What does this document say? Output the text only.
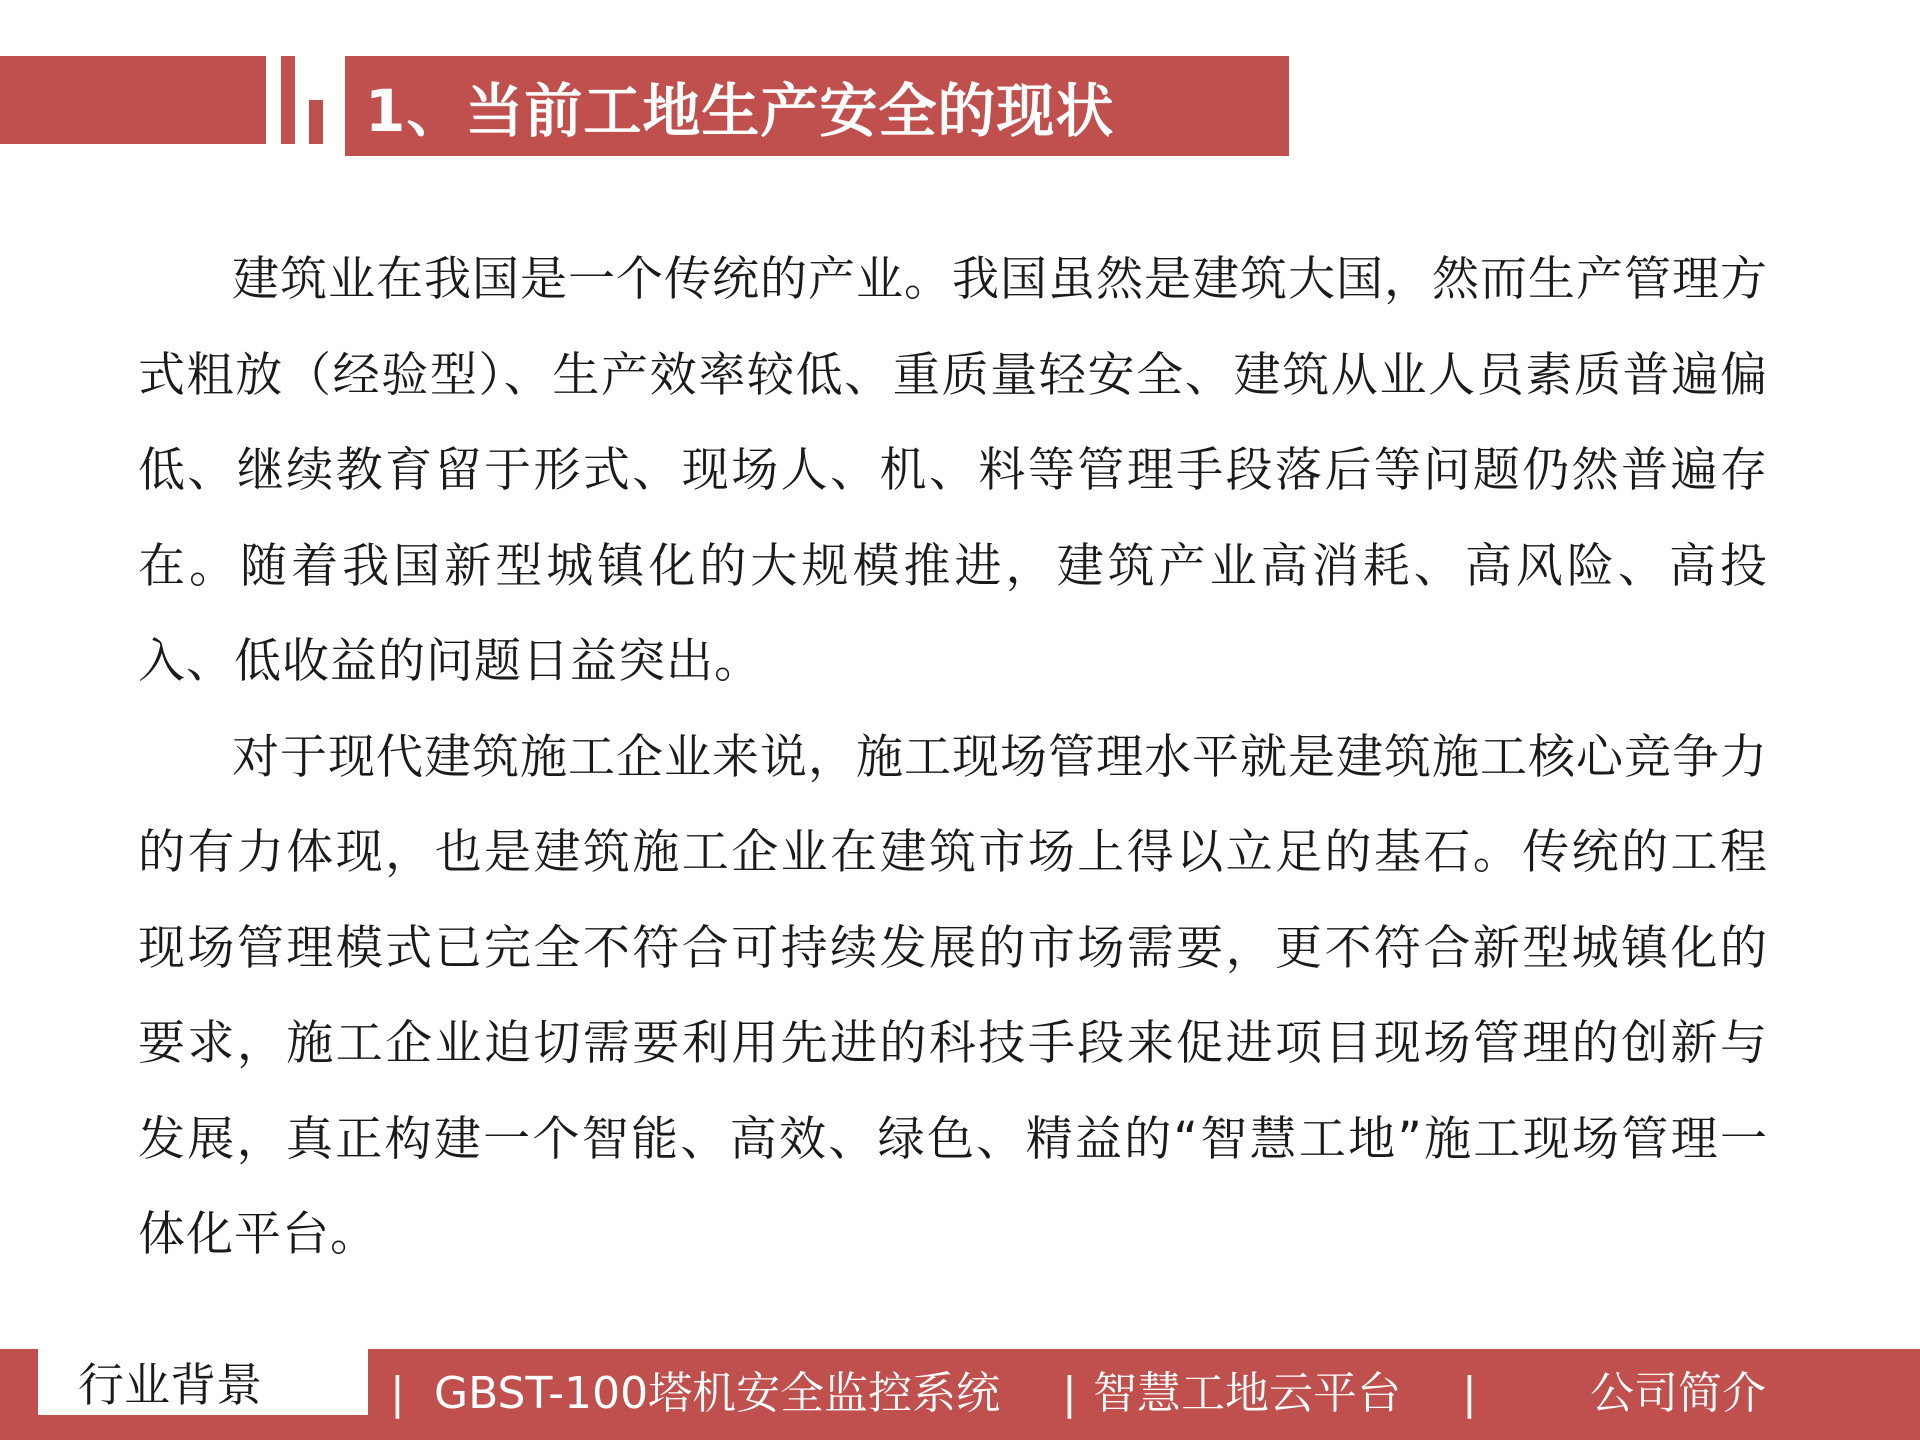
1、当前工地生产安全的现状

建筑业在我国是一个传统的产业。我国虽然是建筑大国，然而生产管理方式粗放（经验型）、生产效率较低、重质量轻安全、建筑从业人员素质普遍偏低、继续教育留于形式、现场人、机、料等管理手段落后等问题仍然普遍存在。随着我国新型城镇化的大规模推进，建筑产业高消耗、高风险、高投入、低收益的问题日益突出。

对于现代建筑施工企业来说，施工现场管理水平就是建筑施工核心竞争力的有力体现，也是建筑施工企业在建筑市场上得以立足的基石。传统的工程现场管理模式已完全不符合可持续发展的市场需要，更不符合新型城镇化的要求，施工企业迫切需要利用先进的科技手段来促进项目现场管理的创新与发展，真正构建一个智能、高效、绿色、精益的“智慧工地”施工现场管理一体化平台。

行业背景	| GBST-100塔机安全监控系统 | 智慧工地云平台 |	公司简介
